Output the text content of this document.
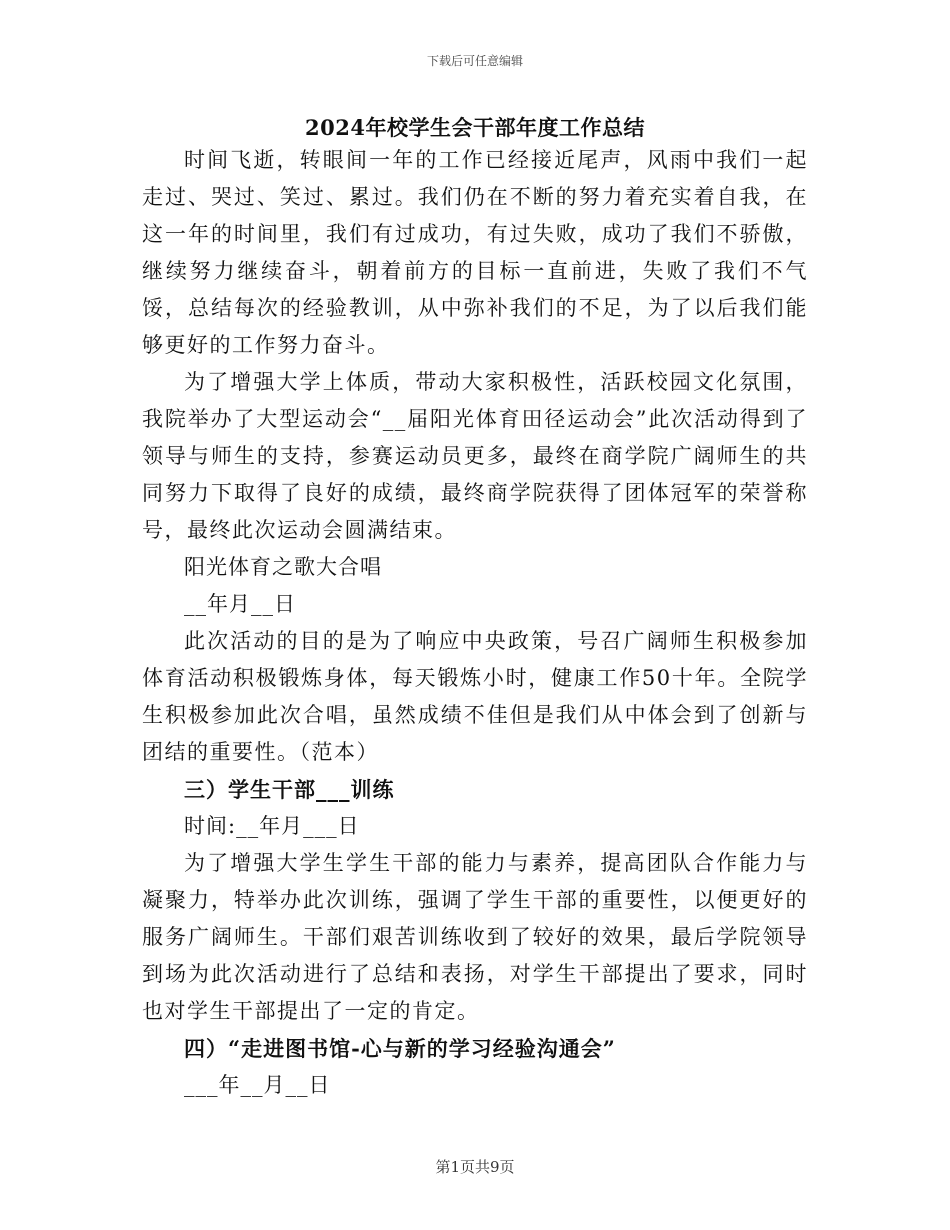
下载后可任意编辑
2024年校学生会干部年度工作总结

时间飞逝，转眼间一年的工作已经接近尾声，风雨中我们一起走过、哭过、笑过、累过。我们仍在不断的努力着充实着自我，在这一年的时间里，我们有过成功，有过失败，成功了我们不骄傲，继续努力继续奋斗，朝着前方的目标一直前进，失败了我们不气馁，总结每次的经验教训，从中弥补我们的不足，为了以后我们能够更好的工作努力奋斗。

为了增强大学上体质，带动大家积极性，活跃校园文化氛围，我院举办了大型运动会“__届阳光体育田径运动会”此次活动得到了领导与师生的支持，参赛运动员更多，最终在商学院广阔师生的共同努力下取得了良好的成绩，最终商学院获得了团体冠军的荣誉称号，最终此次运动会圆满结束。

阳光体育之歌大合唱

__年月__日

此次活动的目的是为了响应中央政策，号召广阔师生积极参加体育活动积极锻炼身体，每天锻炼小时，健康工作50十年。全院学生积极参加此次合唱，虽然成绩不佳但是我们从中体会到了创新与团结的重要性。（范本）

三）学生干部___训练

时间:__年月___日

为了增强大学生学生干部的能力与素养，提高团队合作能力与凝聚力，特举办此次训练，强调了学生干部的重要性，以便更好的服务广阔师生。干部们艰苦训练收到了较好的效果，最后学院领导到场为此次活动进行了总结和表扬，对学生干部提出了要求，同时也对学生干部提出了一定的肯定。

四）“走进图书馆-心与新的学习经验沟通会”

___年__月__日

第1页共9页
